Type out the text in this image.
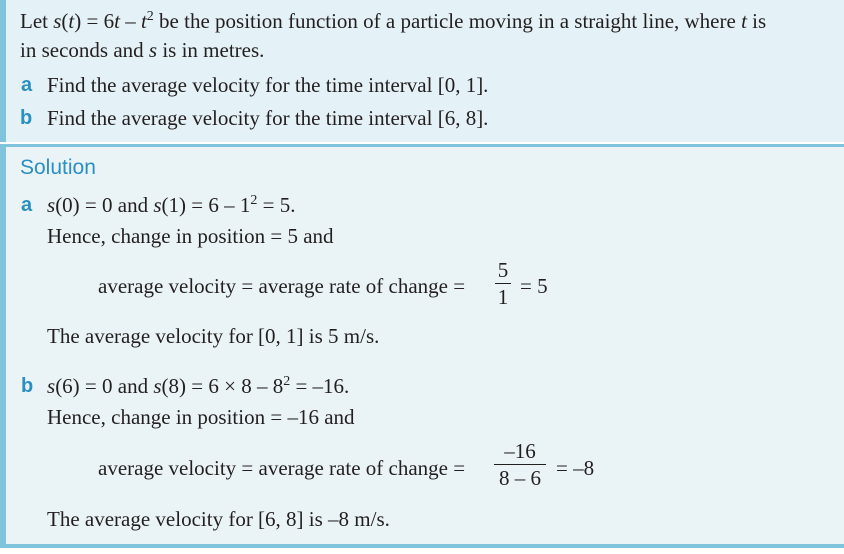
Let $s(t) = 6t - t^2$ be the position function of a particle moving in a straight line, where t is
in seconds and s is in metres.
a Find the average velocity for the time interval [0, 1].
b Find the average velocity for the time interval [6, 8].
Solution
a s(0) = 0 and $s(1) = 6 - 1^2 = 5$.
Hence, change in position = 5 and
average velocity = average rate of change =
5
1 = 5
The average velocity for [0, 1] is 5 m/s.
b s(6) = 0 and $s(8) = 6 \times 8 - 8^2 = -16$.
Hence, change in position = –16 and
average velocity = average rate of change =
–16
8 – 6 = –8
The average velocity for [6, 8] is –8 m/s.
